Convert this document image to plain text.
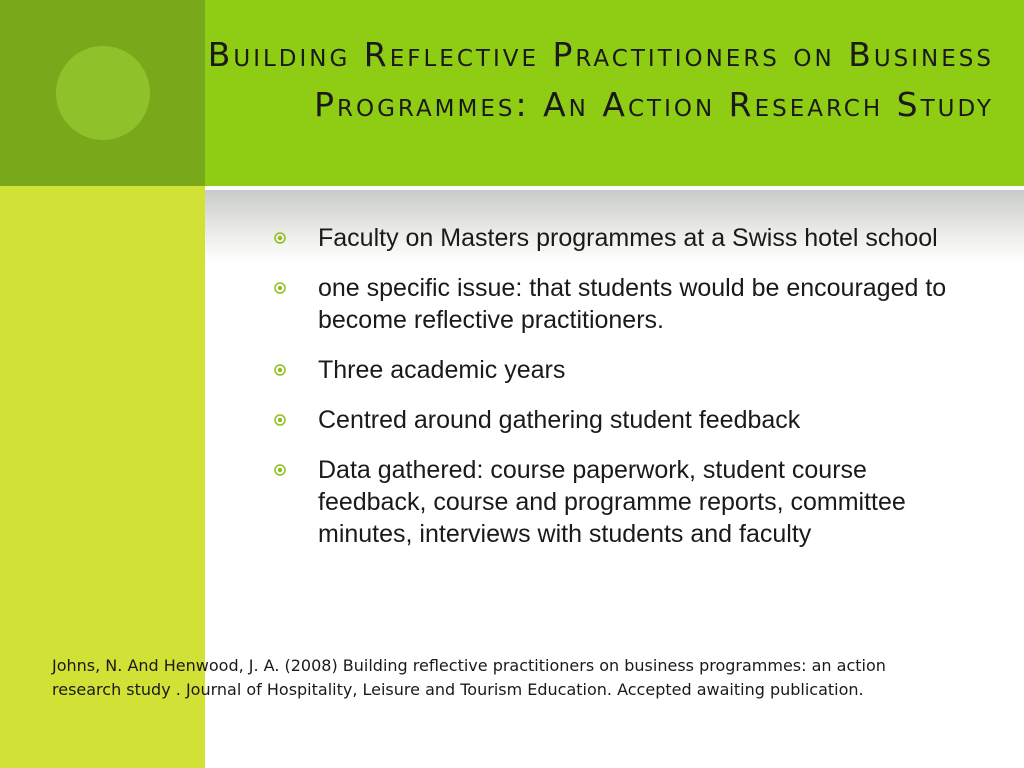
Building Reflective Practitioners on Business Programmes: An Action Research Study
Faculty on Masters programmes at a Swiss hotel school
one specific issue: that students would be encouraged to become reflective practitioners.
Three academic years
Centred around gathering student feedback
Data gathered: course paperwork, student course feedback, course and programme reports, committee minutes, interviews with students and faculty
Johns, N. And Henwood, J. A. (2008) Building reflective practitioners on business programmes: an action research study . Journal of Hospitality, Leisure and Tourism Education. Accepted awaiting publication.
